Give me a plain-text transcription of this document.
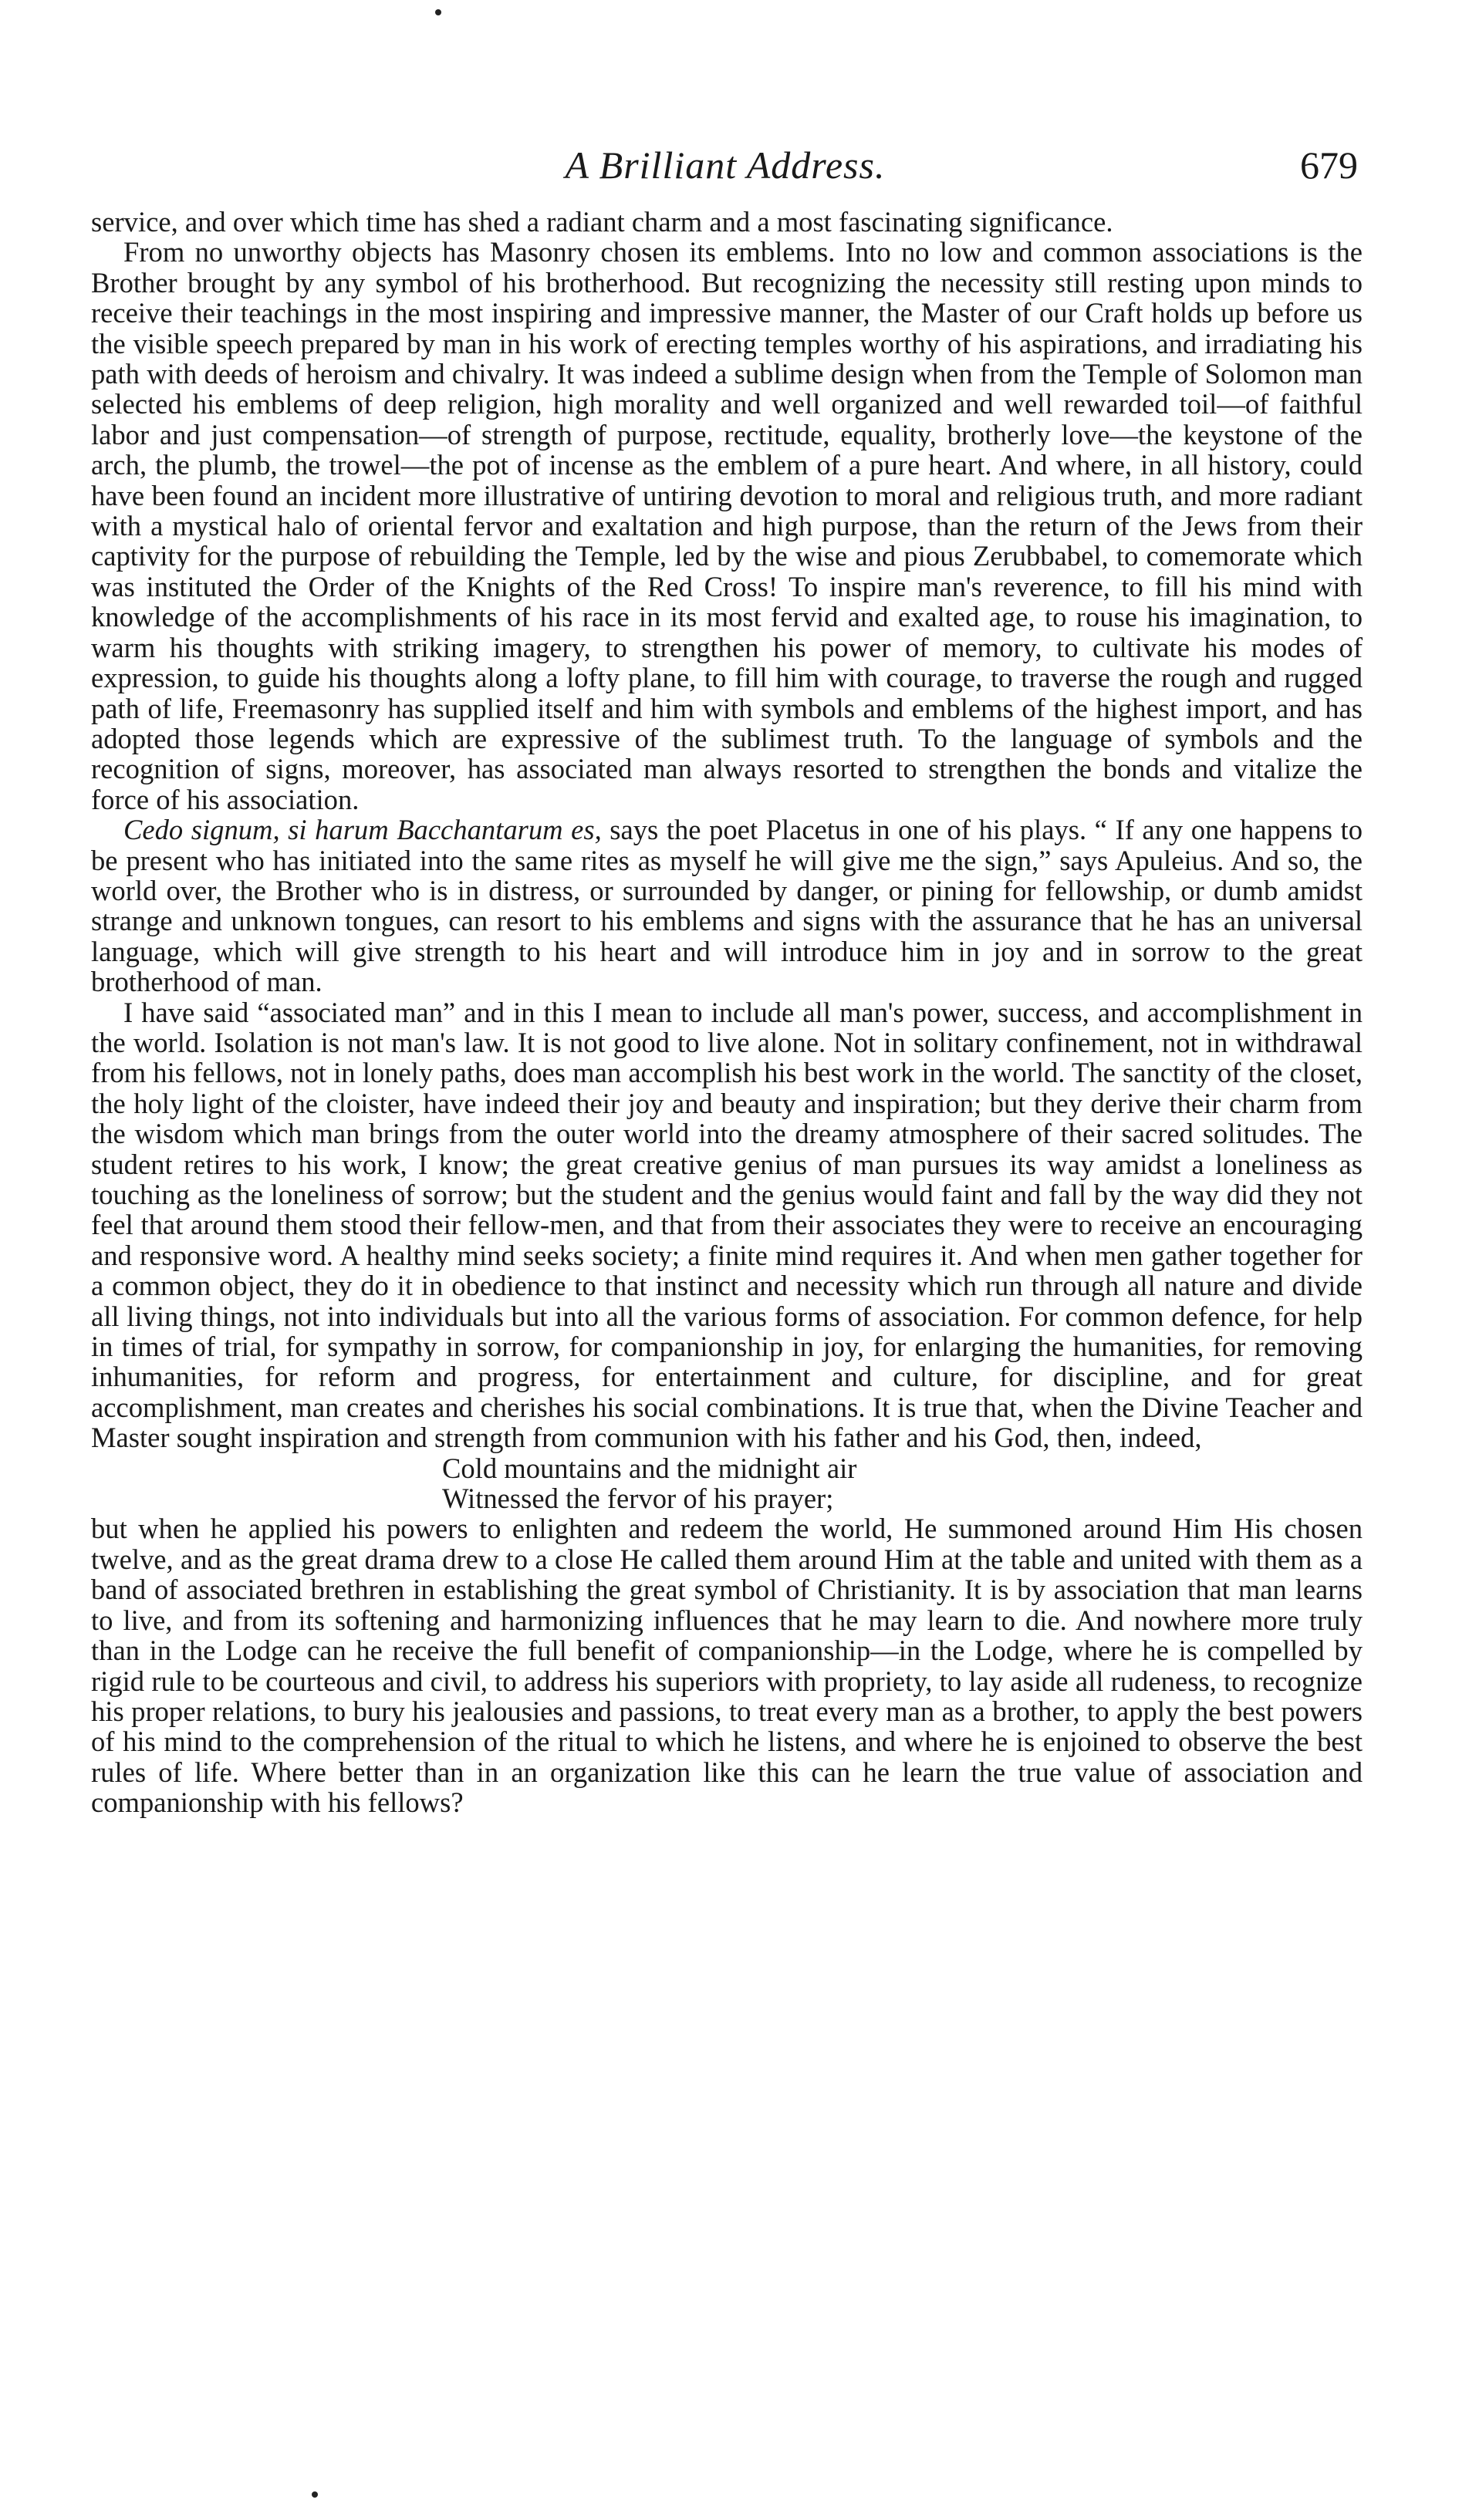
A Brilliant Address.	679

service, and over which time has shed a radiant charm and a most fascinating significance.

From no unworthy objects has Masonry chosen its emblems. Into no low and common associations is the Brother brought by any symbol of his brotherhood. But recognizing the necessity still resting upon minds to receive their teachings in the most inspiring and impressive manner, the Master of our Craft holds up before us the visible speech prepared by man in his work of erecting temples worthy of his aspirations, and irradiating his path with deeds of heroism and chivalry. It was indeed a sublime design when from the Temple of Solomon man selected his emblems of deep religion, high morality and well organized and well rewarded toil—of faithful labor and just compensation—of strength of purpose, rectitude, equality, brotherly love—the keystone of the arch, the plumb, the trowel—the pot of incense as the emblem of a pure heart. And where, in all history, could have been found an incident more illustrative of untiring devotion to moral and religious truth, and more radiant with a mystical halo of oriental fervor and exaltation and high purpose, than the return of the Jews from their captivity for the purpose of rebuilding the Temple, led by the wise and pious Zerubbabel, to comemorate which was instituted the Order of the Knights of the Red Cross! To inspire man's reverence, to fill his mind with knowledge of the accomplishments of his race in its most fervid and exalted age, to rouse his imagination, to warm his thoughts with striking imagery, to strengthen his power of memory, to cultivate his modes of expression, to guide his thoughts along a lofty plane, to fill him with courage, to traverse the rough and rugged path of life, Freemasonry has supplied itself and him with symbols and emblems of the highest import, and has adopted those legends which are expressive of the sublimest truth. To the language of symbols and the recognition of signs, moreover, has associated man always resorted to strengthen the bonds and vitalize the force of his association.

Cedo signum, si harum Bacchantarum es, says the poet Placetus in one of his plays. “ If any one happens to be present who has initiated into the same rites as myself he will give me the sign,” says Apuleius. And so, the world over, the Brother who is in distress, or surrounded by danger, or pining for fellowship, or dumb amidst strange and unknown tongues, can resort to his emblems and signs with the assurance that he has an universal language, which will give strength to his heart and will introduce him in joy and in sorrow to the great brotherhood of man.

I have said “associated man” and in this I mean to include all man's power, success, and accomplishment in the world. Isolation is not man's law. It is not good to live alone. Not in solitary confinement, not in withdrawal from his fellows, not in lonely paths, does man accomplish his best work in the world. The sanctity of the closet, the holy light of the cloister, have indeed their joy and beauty and inspiration; but they derive their charm from the wisdom which man brings from the outer world into the dreamy atmosphere of their sacred solitudes. The student retires to his work, I know; the great creative genius of man pursues its way amidst a loneliness as touching as the loneliness of sorrow; but the student and the genius would faint and fall by the way did they not feel that around them stood their fellow-men, and that from their associates they were to receive an encouraging and responsive word. A healthy mind seeks society; a finite mind requires it. And when men gather together for a common object, they do it in obedience to that instinct and necessity which run through all nature and divide all living things, not into individuals but into all the various forms of association. For common defence, for help in times of trial, for sympathy in sorrow, for companionship in joy, for enlarging the humanities, for removing inhumanities, for reform and progress, for entertainment and culture, for discipline, and for great accomplishment, man creates and cherishes his social combinations. It is true that, when the Divine Teacher and Master sought inspiration and strength from communion with his father and his God, then, indeed,

Cold mountains and the midnight air
Witnessed the fervor of his prayer;

but when he applied his powers to enlighten and redeem the world, He summoned around Him His chosen twelve, and as the great drama drew to a close He called them around Him at the table and united with them as a band of associated brethren in establishing the great symbol of Christianity. It is by association that man learns to live, and from its softening and harmonizing influences that he may learn to die. And nowhere more truly than in the Lodge can he receive the full benefit of companionship—in the Lodge, where he is compelled by rigid rule to be courteous and civil, to address his superiors with propriety, to lay aside all rudeness, to recognize his proper relations, to bury his jealousies and passions, to treat every man as a brother, to apply the best powers of his mind to the comprehension of the ritual to which he listens, and where he is enjoined to observe the best rules of life. Where better than in an organization like this can he learn the true value of association and companionship with his fellows?
